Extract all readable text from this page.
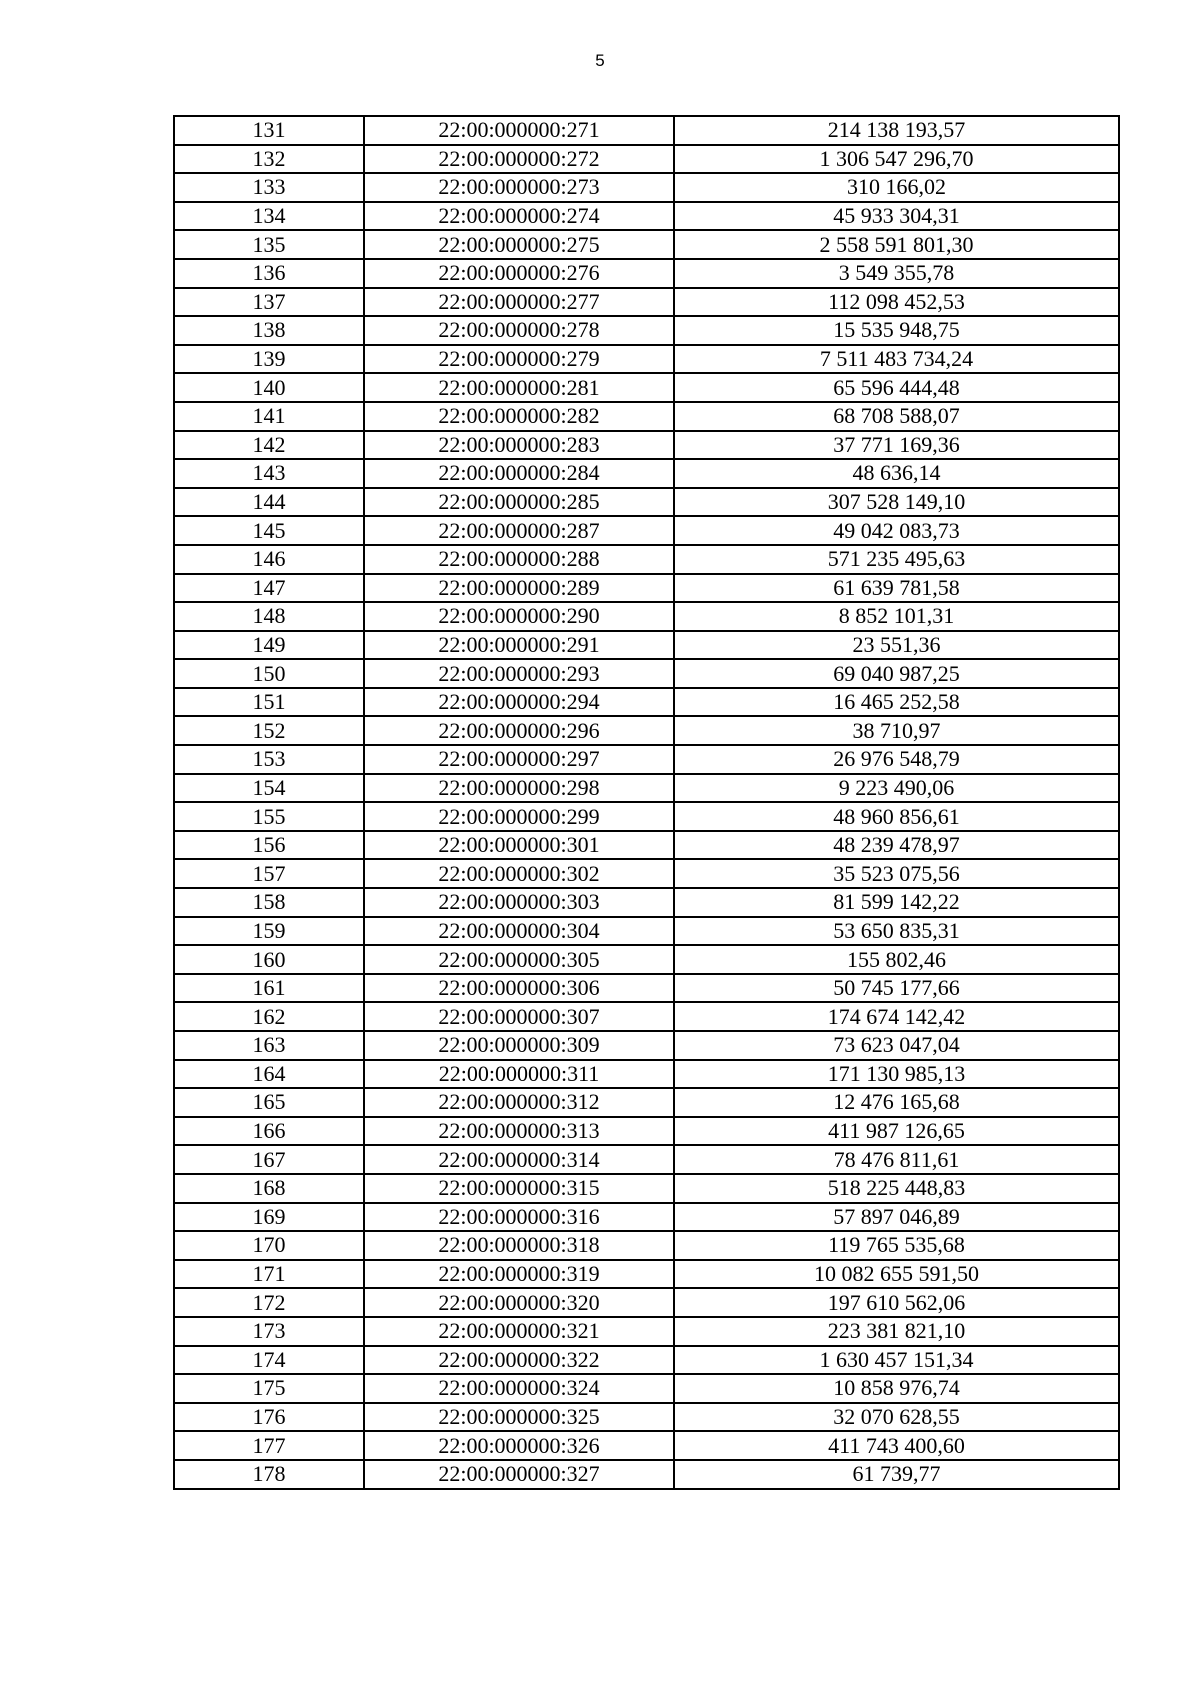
5
131	22:00:000000:271	214 138 193,57
132	22:00:000000:272	1 306 547 296,70
133	22:00:000000:273	310 166,02
134	22:00:000000:274	45 933 304,31
135	22:00:000000:275	2 558 591 801,30
136	22:00:000000:276	3 549 355,78
137	22:00:000000:277	112 098 452,53
138	22:00:000000:278	15 535 948,75
139	22:00:000000:279	7 511 483 734,24
140	22:00:000000:281	65 596 444,48
141	22:00:000000:282	68 708 588,07
142	22:00:000000:283	37 771 169,36
143	22:00:000000:284	48 636,14
144	22:00:000000:285	307 528 149,10
145	22:00:000000:287	49 042 083,73
146	22:00:000000:288	571 235 495,63
147	22:00:000000:289	61 639 781,58
148	22:00:000000:290	8 852 101,31
149	22:00:000000:291	23 551,36
150	22:00:000000:293	69 040 987,25
151	22:00:000000:294	16 465 252,58
152	22:00:000000:296	38 710,97
153	22:00:000000:297	26 976 548,79
154	22:00:000000:298	9 223 490,06
155	22:00:000000:299	48 960 856,61
156	22:00:000000:301	48 239 478,97
157	22:00:000000:302	35 523 075,56
158	22:00:000000:303	81 599 142,22
159	22:00:000000:304	53 650 835,31
160	22:00:000000:305	155 802,46
161	22:00:000000:306	50 745 177,66
162	22:00:000000:307	174 674 142,42
163	22:00:000000:309	73 623 047,04
164	22:00:000000:311	171 130 985,13
165	22:00:000000:312	12 476 165,68
166	22:00:000000:313	411 987 126,65
167	22:00:000000:314	78 476 811,61
168	22:00:000000:315	518 225 448,83
169	22:00:000000:316	57 897 046,89
170	22:00:000000:318	119 765 535,68
171	22:00:000000:319	10 082 655 591,50
172	22:00:000000:320	197 610 562,06
173	22:00:000000:321	223 381 821,10
174	22:00:000000:322	1 630 457 151,34
175	22:00:000000:324	10 858 976,74
176	22:00:000000:325	32 070 628,55
177	22:00:000000:326	411 743 400,60
178	22:00:000000:327	61 739,77
